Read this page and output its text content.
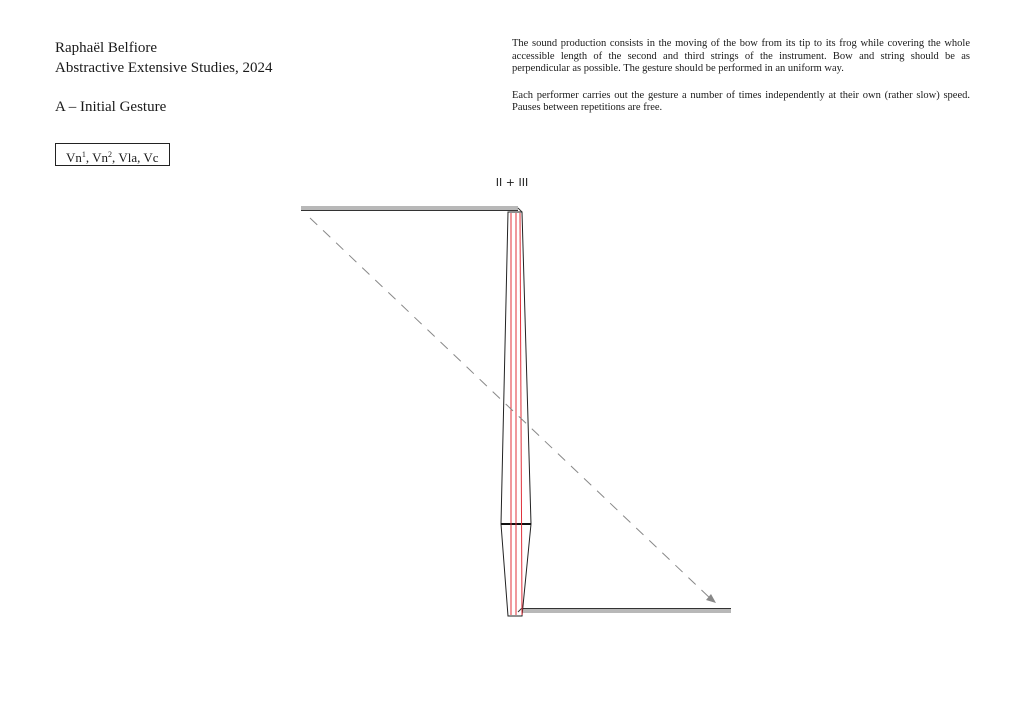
Raphaël Belfiore
Abstractive Extensive Studies, 2024
A – Initial Gesture
Vn$^1$, Vn$^2$, Vla, Vc

The sound production consists in the moving of the bow from its tip to its frog while covering the whole accessible length of the second and third strings of the instrument. Bow and string should be as perpendicular as possible. The gesture should be performed in an uniform way.

Each performer carries out the gesture a number of times independently at their own (rather slow) speed. Pauses between repetitions are free.

II + III
